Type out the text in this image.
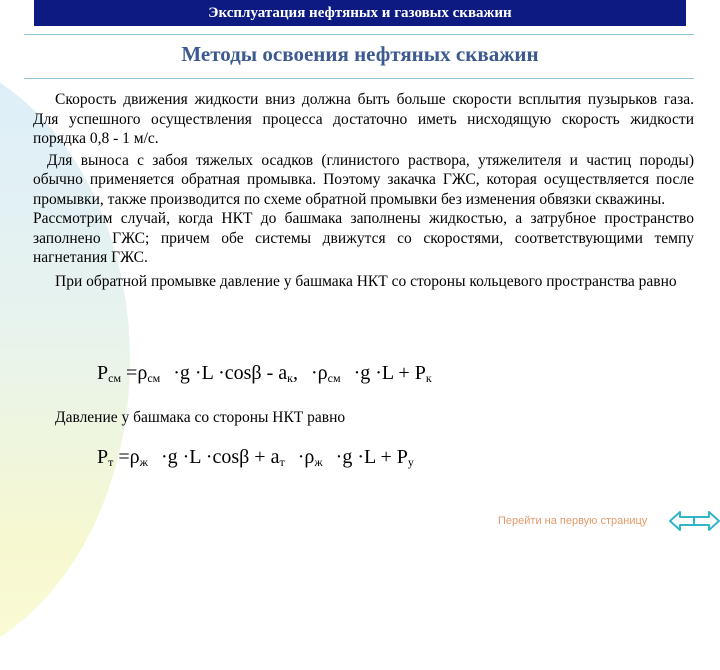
Эксплуатация нефтяных и газовых скважин
Методы освоения нефтяных скважин

Скорость движения жидкости вниз должна быть больше скорости всплытия пузырьков газа. Для успешного осуществления процесса достаточно иметь нисходящую скорость жидкости порядка 0,8 - 1 м/с.

Для выноса с забоя тяжелых осадков (глинистого раствора, утяжелителя и частиц породы) обычно применяется обратная промывка. Поэтому закачка ГЖС, которая осуществляется после промывки, также производится по схеме обратной промывки без изменения обвязки скважины.

Рассмотрим случай, когда НКТ до башмака заполнены жидкостью, а затрубное пространство заполнено ГЖС; причем обе системы движутся со скоростями, соответствующими темпу нагнетания ГЖС.

При обратной промывке давление у башмака НКТ со стороны кольцевого пространства равно

$P_{см} =\rho_{см} \cdot g \cdot L \cdot\cos\beta - a_к$, $\cdot\rho_{см} \cdot g \cdot L + P_к$
Давление у башмака со стороны НКТ равно
$P_т =\rho_ж \cdot g \cdot L \cdot\cos\beta + a_т \cdot\rho_ж \cdot g \cdot L + P_у$
Перейти на первую страницу
